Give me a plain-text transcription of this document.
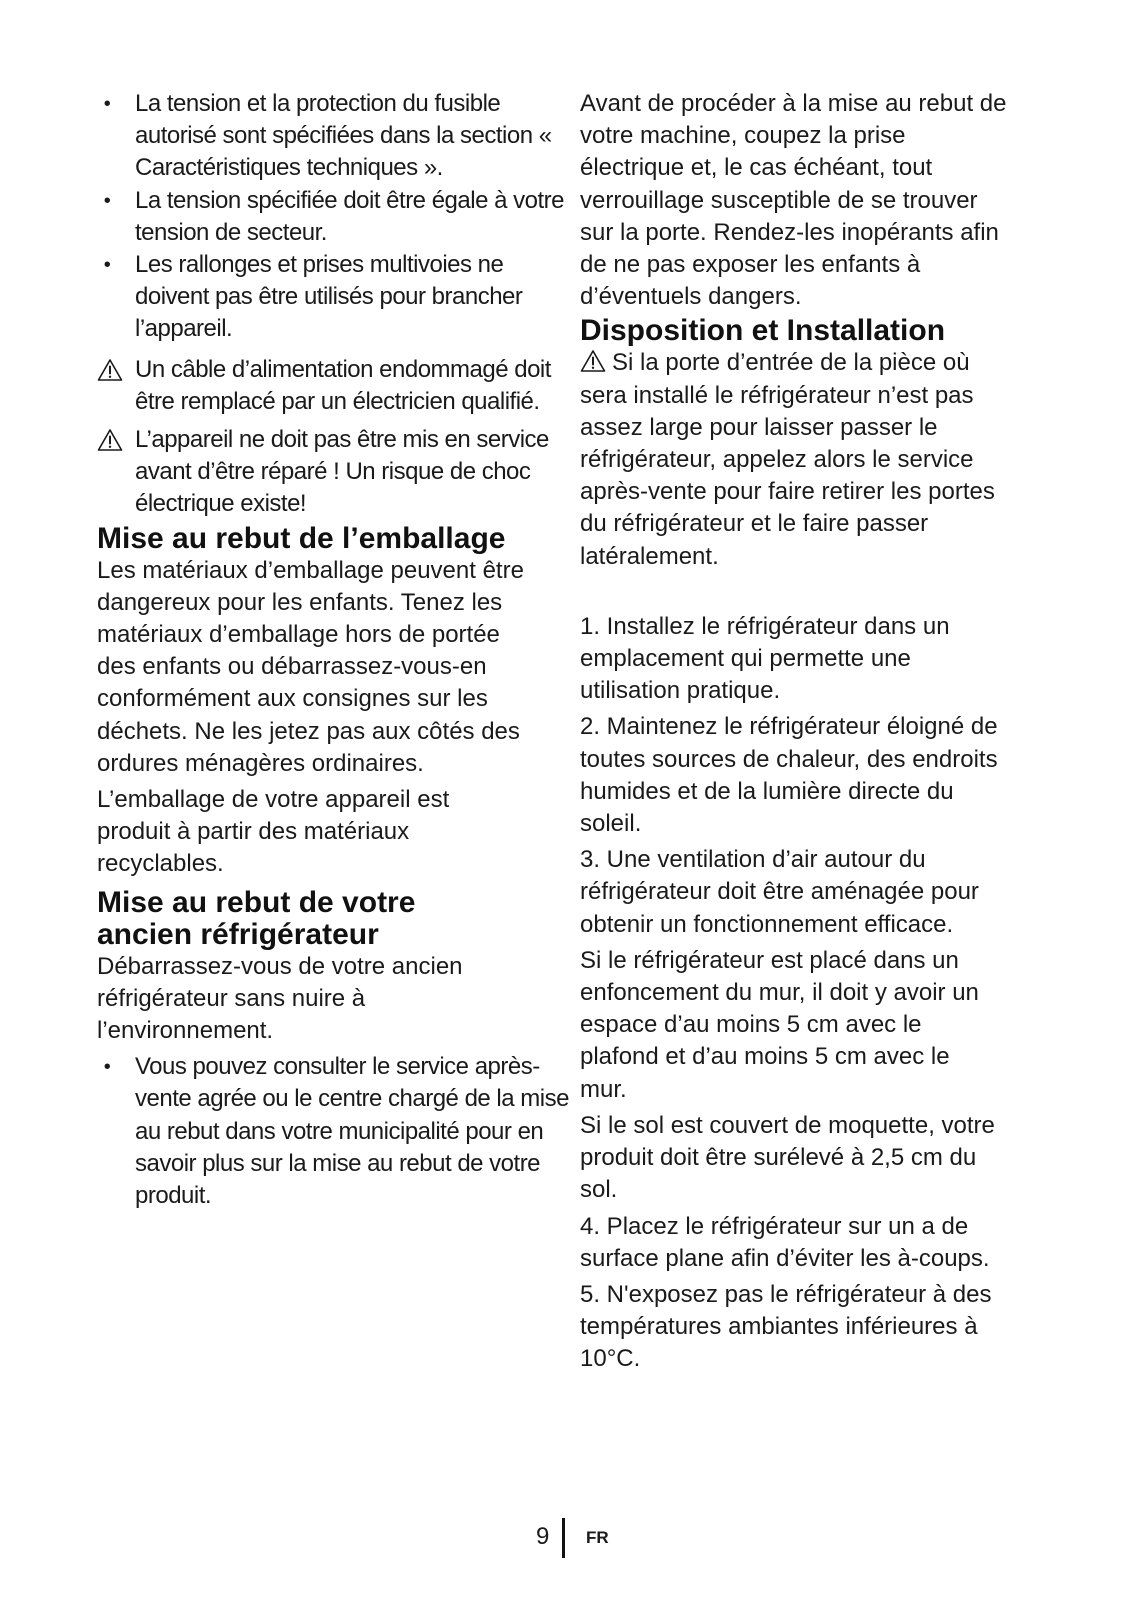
• La tension et la protection du fusible autorisé sont spécifiées dans la section « Caractéristiques techniques ».
• La tension spécifiée doit être égale à votre tension de secteur.
• Les rallonges et prises multivoies ne doivent pas être utilisés pour brancher l’appareil.
Un câble d’alimentation endommagé doit être remplacé par un électricien qualifié.
L’appareil ne doit pas être mis en service avant d’être réparé ! Un risque de choc électrique existe!
Mise au rebut de l’emballage

Les matériaux d’emballage peuvent être dangereux pour les enfants. Tenez les matériaux d’emballage hors de portée des enfants ou débarrassez-vous-en conformément aux consignes sur les déchets. Ne les jetez pas aux côtés des ordures ménagères ordinaires.

L’emballage de votre appareil est produit à partir des matériaux recyclables.

Mise au rebut de votre ancien réfrigérateur

Débarrassez-vous de votre ancien réfrigérateur sans nuire à l’environnement.

• Vous pouvez consulter le service après-vente agrée ou le centre chargé de la mise au rebut dans votre municipalité pour en savoir plus sur la mise au rebut de votre produit.

Avant de procéder à la mise au rebut de votre machine, coupez la prise électrique et, le cas échéant, tout verrouillage susceptible de se trouver sur la porte. Rendez-les inopérants afin de ne pas exposer les enfants à d’éventuels dangers.

Disposition et Installation

Si la porte d’entrée de la pièce où sera installé le réfrigérateur n’est pas assez large pour laisser passer le réfrigérateur, appelez alors le service après-vente pour faire retirer les portes du réfrigérateur et le faire passer latéralement.

1. Installez le réfrigérateur dans un emplacement qui permette une utilisation pratique.

2. Maintenez le réfrigérateur éloigné de toutes sources de chaleur, des endroits humides et de la lumière directe du soleil.

3. Une ventilation d’air autour du réfrigérateur doit être aménagée pour obtenir un fonctionnement efficace.

Si le réfrigérateur est placé dans un enfoncement du mur, il doit y avoir un espace d’au moins 5 cm avec le plafond et d’au moins 5 cm avec le mur.

Si le sol est couvert de moquette, votre produit doit être surélevé à 2,5 cm du sol.

4. Placez le réfrigérateur sur un a de surface plane afin d’éviter les à-coups.

5. N'exposez pas le réfrigérateur à des températures ambiantes inférieures à 10°C.

9 FR
